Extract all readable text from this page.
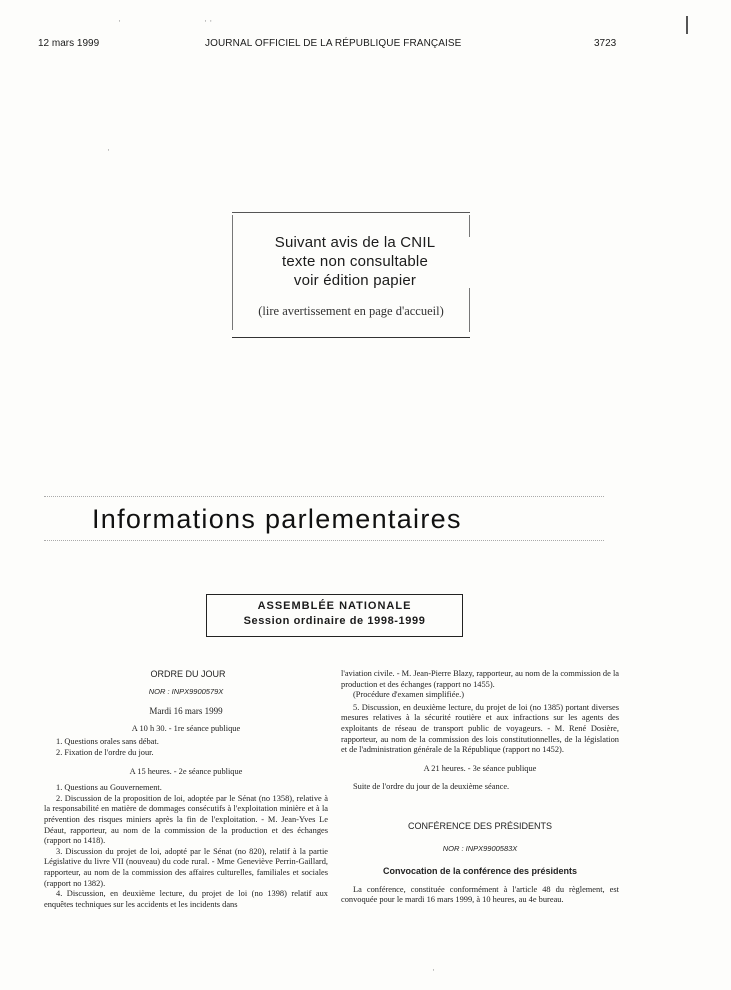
12 mars 1999	JOURNAL OFFICIEL DE LA RÉPUBLIQUE FRANÇAISE	3723
·	· ·
·
Suivant avis de la CNIL
texte non consultable
voir édition papier
(lire avertissement en page d'accueil)
Informations parlementaires
ASSEMBLÉE NATIONALE
Session ordinaire de 1998-1999

ORDRE DU JOUR

NOR : INPX9900579X

Mardi 16 mars 1999

A 10 h 30. - 1re séance publique

1. Questions orales sans débat.

2. Fixation de l'ordre du jour.

A 15 heures. - 2e séance publique

1. Questions au Gouvernement.

2. Discussion de la proposition de loi, adoptée par le Sénat (no 1358), relative à la responsabilité en matière de dommages consécutifs à l'exploitation minière et à la prévention des risques miniers après la fin de l'exploitation. - M. Jean-Yves Le Déaut, rapporteur, au nom de la commission de la production et des échanges (rapport no 1418).

3. Discussion du projet de loi, adopté par le Sénat (no 820), relatif à la partie Législative du livre VII (nouveau) du code rural. - Mme Geneviève Perrin-Gaillard, rapporteur, au nom de la commission des affaires culturelles, familiales et sociales (rapport no 1382).

4. Discussion, en deuxième lecture, du projet de loi (no 1398) relatif aux enquêtes techniques sur les accidents et les incidents dans

l'aviation civile. - M. Jean-Pierre Blazy, rapporteur, au nom de la commission de la production et des échanges (rapport no 1455).

(Procédure d'examen simplifiée.)

5. Discussion, en deuxième lecture, du projet de loi (no 1385) portant diverses mesures relatives à la sécurité routière et aux infractions sur les agents des exploitants de réseau de transport public de voyageurs. - M. René Dosière, rapporteur, au nom de la commission des lois constitutionnelles, de la législation et de l'administration générale de la République (rapport no 1452).

A 21 heures. - 3e séance publique

Suite de l'ordre du jour de la deuxième séance.

CONFÉRENCE DES PRÉSIDENTS

NOR : INPX9900583X

Convocation de la conférence des présidents

La conférence, constituée conformément à l'article 48 du règlement, est convoquée pour le mardi 16 mars 1999, à 10 heures, au 4e bureau.

·
